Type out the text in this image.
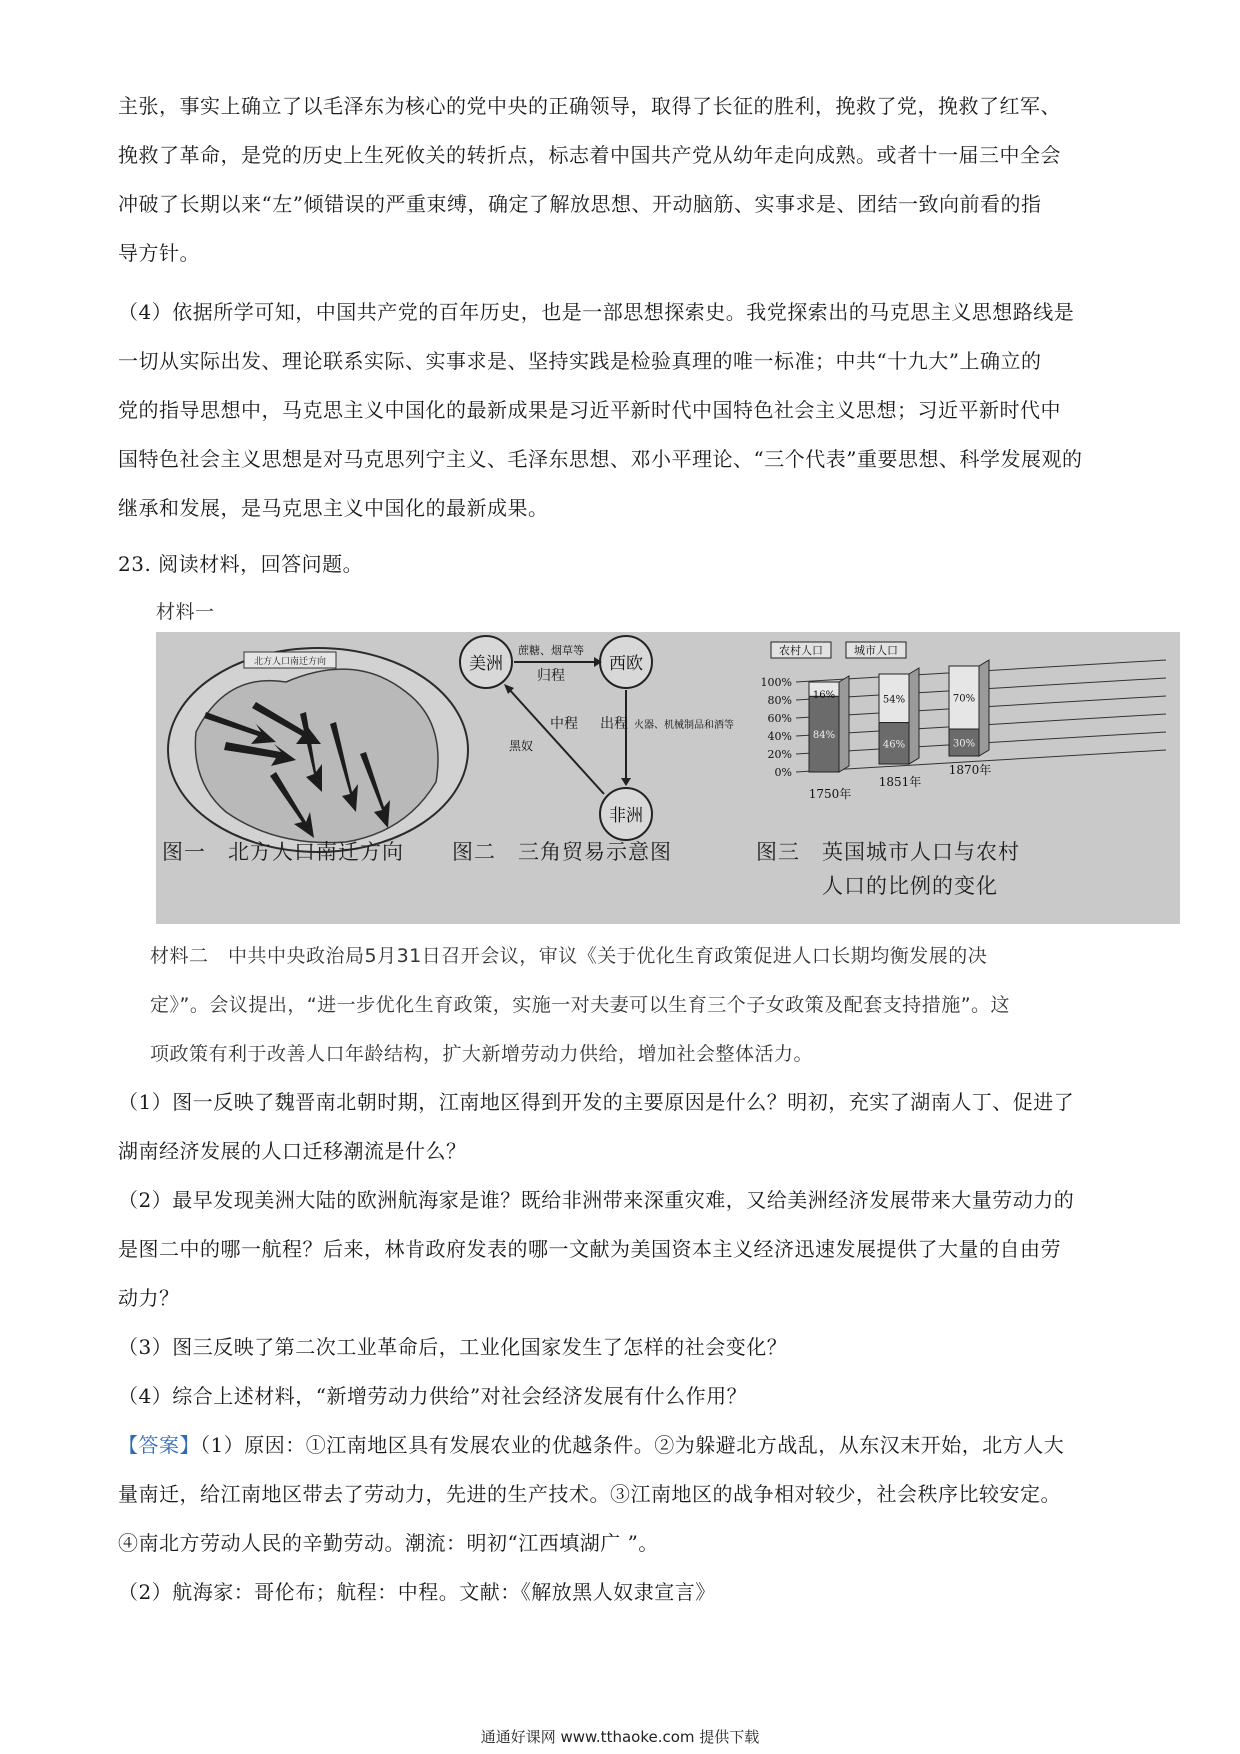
主张，事实上确立了以毛泽东为核心的党中央的正确领导，取得了长征的胜利，挽救了党，挽救了红军、
挽救了革命，是党的历史上生死攸关的转折点，标志着中国共产党从幼年走向成熟。或者十一届三中全会
冲破了长期以来“左”倾错误的严重束缚，确定了解放思想、开动脑筋、实事求是、团结一致向前看的指
导方针。
（4）依据所学可知，中国共产党的百年历史，也是一部思想探索史。我党探索出的马克思主义思想路线是
一切从实际出发、理论联系实际、实事求是、坚持实践是检验真理的唯一标准；中共“十九大”上确立的
党的指导思想中，马克思主义中国化的最新成果是习近平新时代中国特色社会主义思想；习近平新时代中
国特色社会主义思想是对马克思列宁主义、毛泽东思想、邓小平理论、“三个代表”重要思想、科学发展观的
继承和发展，是马克思主义中国化的最新成果。
23. 阅读材料，回答问题。
材料一
北方人口南迁方向	美洲	西欧
非洲
蔗糖、烟草等
归程
出程 火器、机械制品和酒等
中程
黑奴
农村人口	城市人口
100%
80%
60%
40%
20%
0%
16%
84%
1750年
54%
46%
1851年
70%
30%
1870年
图一　北方人口南迁方向 图二　三角贸易示意图	图三　英国城市人口与农村
人口的比例的变化
材料二　中共中央政治局5月31日召开会议，审议《关于优化生育政策促进人口长期均衡发展的决
定》”。会议提出，“进一步优化生育政策，实施一对夫妻可以生育三个子女政策及配套支持措施”。这
项政策有利于改善人口年龄结构，扩大新增劳动力供给，增加社会整体活力。
（1）图一反映了魏晋南北朝时期，江南地区得到开发的主要原因是什么？明初，充实了湖南人丁、促进了
湖南经济发展的人口迁移潮流是什么？
（2）最早发现美洲大陆的欧洲航海家是谁？既给非洲带来深重灾难，又给美洲经济发展带来大量劳动力的
是图二中的哪一航程？后来，林肯政府发表的哪一文献为美国资本主义经济迅速发展提供了大量的自由劳
动力？
（3）图三反映了第二次工业革命后，工业化国家发生了怎样的社会变化？
（4）综合上述材料，“新增劳动力供给”对社会经济发展有什么作用？
【答案】（1）原因：①江南地区具有发展农业的优越条件。②为躲避北方战乱，从东汉末开始，北方人大
量南迁，给江南地区带去了劳动力，先进的生产技术。③江南地区的战争相对较少，社会秩序比较安定。
④南北方劳动人民的辛勤劳动。潮流：明初“江西填湖广 ”。
（2）航海家：哥伦布；航程：中程。文献：《解放黑人奴隶宣言》
通通好课网 www.tthaoke.com 提供下载
